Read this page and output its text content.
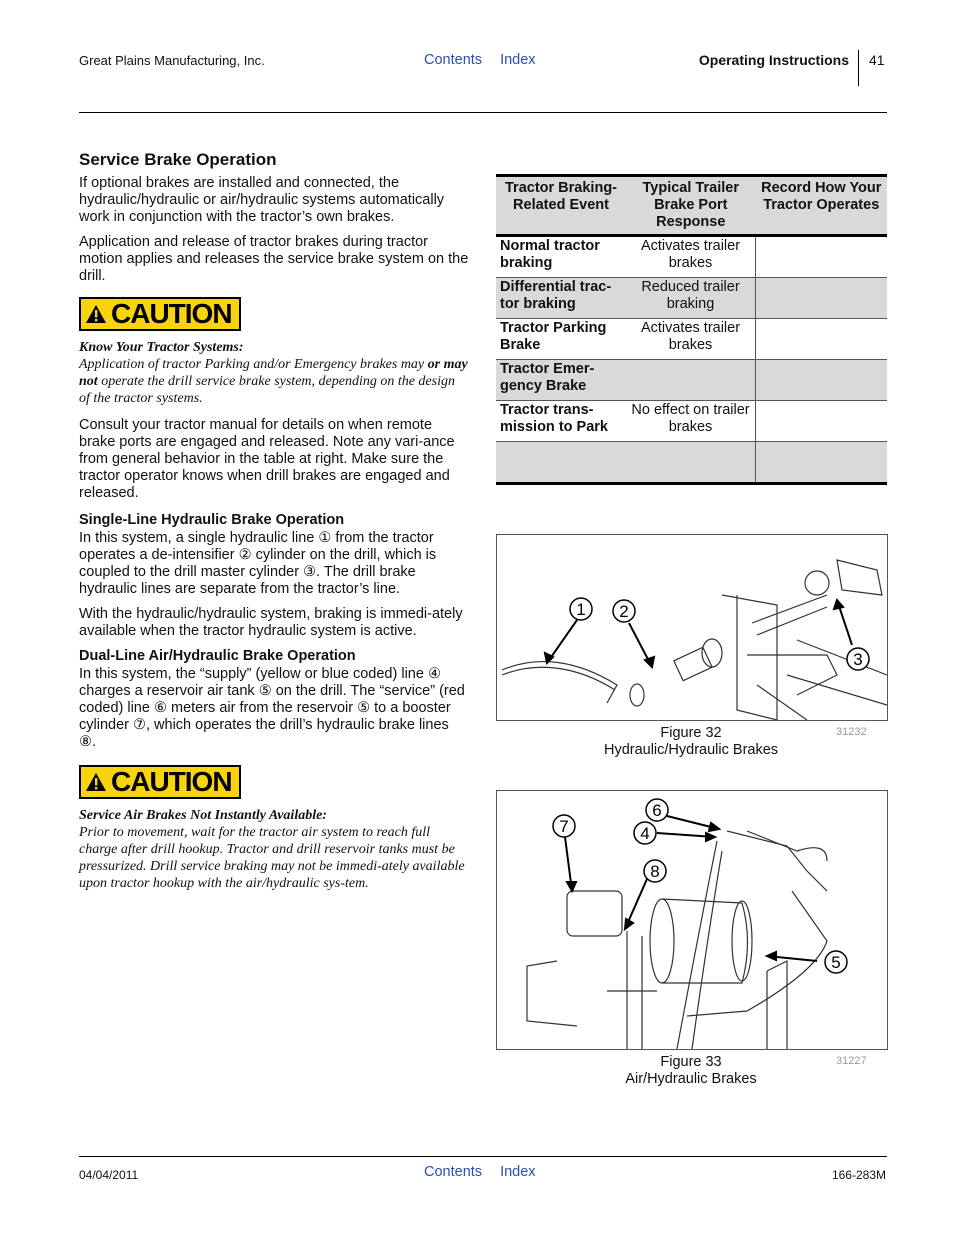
Great Plains Manufacturing, Inc.	Contents Index	Operating Instructions 41
Service Brake Operation

If optional brakes are installed and connected, the hydraulic/hydraulic or air/hydraulic systems automatically work in conjunction with the tractor’s own brakes.

Application and release of tractor brakes during tractor motion applies and releases the service brake system on the drill.

CAUTION
Know Your Tractor Systems:
Application of tractor Parking and/or Emergency brakes may or may not operate the drill service brake system, depending on the design of the tractor systems.

Consult your tractor manual for details on when remote brake ports are engaged and released. Note any vari-ance from general behavior in the table at right. Make sure the tractor operator knows when drill brakes are engaged and released.

Single-Line Hydraulic Brake Operation

In this system, a single hydraulic line ① from the tractor operates a de-intensifier ② cylinder on the drill, which is coupled to the drill master cylinder ③. The drill brake hydraulic lines are separate from the tractor’s line.

With the hydraulic/hydraulic system, braking is immedi-ately available when the tractor hydraulic system is active.

Dual-Line Air/Hydraulic Brake Operation

In this system, the “supply” (yellow or blue coded) line ④ charges a reservoir air tank ⑤ on the drill. The “service” (red coded) line ⑥ meters air from the reservoir ⑤ to a booster cylinder ⑦, which operates the drill’s hydraulic brake lines ⑧.

CAUTION
Service Air Brakes Not Instantly Available:
Prior to movement, wait for the tractor air system to reach full charge after drill hookup. Tractor and drill reservoir tanks must be pressurized. Drill service braking may not be immedi-ately available upon tractor hookup with the air/hydraulic sys-tem.
Tractor Braking-Related Event	Typical Trailer Brake Port Response	Record How Your Tractor Operates
Normal tractor braking	Activates trailer brakes	
Differential trac-tor braking	Reduced trailer braking	
Tractor Parking Brake	Activates trailer brakes	
Tractor Emer-gency Brake		
Tractor trans-mission to Park	No effect on trailer brakes	

1 2
3
Figure 32
Hydraulic/Hydraulic Brakes
31232
6
7	4
8
5
Figure 33
Air/Hydraulic Brakes
31227
04/04/2011	Contents Index	166-283M
